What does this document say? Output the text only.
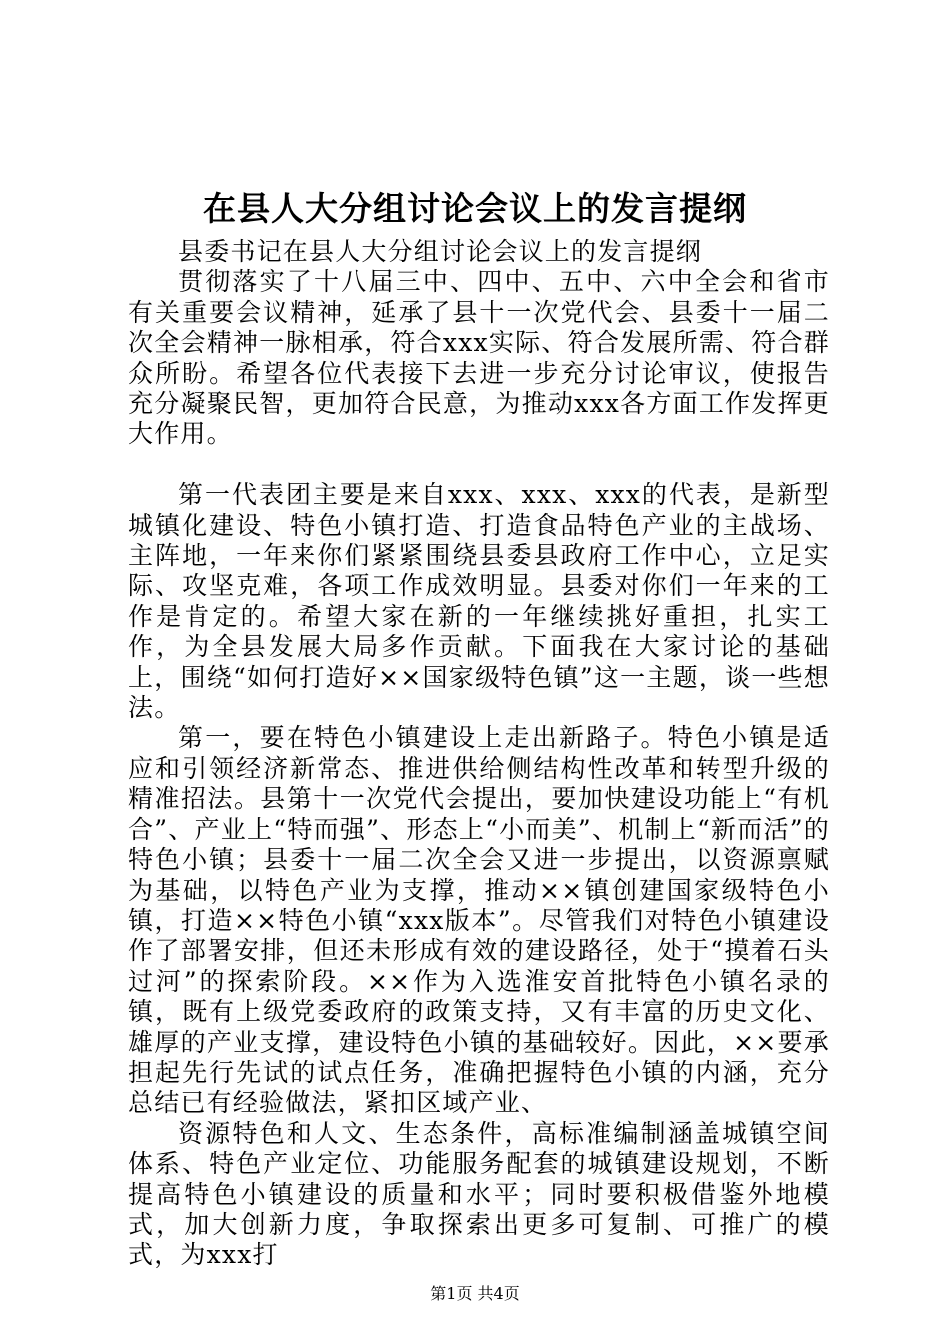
在县人大分组讨论会议上的发言提纲

县委书记在县人大分组讨论会议上的发言提纲

贯彻落实了十八届三中、四中、五中、六中全会和省市有关重要会议精神，延承了县十一次党代会、县委十一届二次全会精神一脉相承，符合xxx实际、符合发展所需、符合群众所盼。希望各位代表接下去进一步充分讨论审议，使报告充分凝聚民智，更加符合民意，为推动xxx各方面工作发挥更大作用。

第一代表团主要是来自xxx、xxx、xxx的代表，是新型城镇化建设、特色小镇打造、打造食品特色产业的主战场、主阵地，一年来你们紧紧围绕县委县政府工作中心，立足实际、攻坚克难，各项工作成效明显。县委对你们一年来的工作是肯定的。希望大家在新的一年继续挑好重担，扎实工作，为全县发展大局多作贡献。下面我在大家讨论的基础上，围绕“如何打造好××国家级特色镇”这一主题，谈一些想法。

第一，要在特色小镇建设上走出新路子。特色小镇是适应和引领经济新常态、推进供给侧结构性改革和转型升级的精准招法。县第十一次党代会提出，要加快建设功能上“有机合”、产业上“特而强”、形态上“小而美”、机制上“新而活”的特色小镇；县委十一届二次全会又进一步提出，以资源禀赋为基础，以特色产业为支撑，推动××镇创建国家级特色小镇，打造××特色小镇“xxx版本”。尽管我们对特色小镇建设作了部署安排，但还未形成有效的建设路径，处于“摸着石头过河”的探索阶段。××作为入选淮安首批特色小镇名录的镇，既有上级党委政府的政策支持，又有丰富的历史文化、雄厚的产业支撑，建设特色小镇的基础较好。因此，××要承担起先行先试的试点任务，准确把握特色小镇的内涵，充分总结已有经验做法，紧扣区域产业、

资源特色和人文、生态条件，高标准编制涵盖城镇空间体系、特色产业定位、功能服务配套的城镇建设规划，不断提高特色小镇建设的质量和水平；同时要积极借鉴外地模式，加大创新力度，争取探索出更多可复制、可推广的模式，为xxx打

第1页 共4页
